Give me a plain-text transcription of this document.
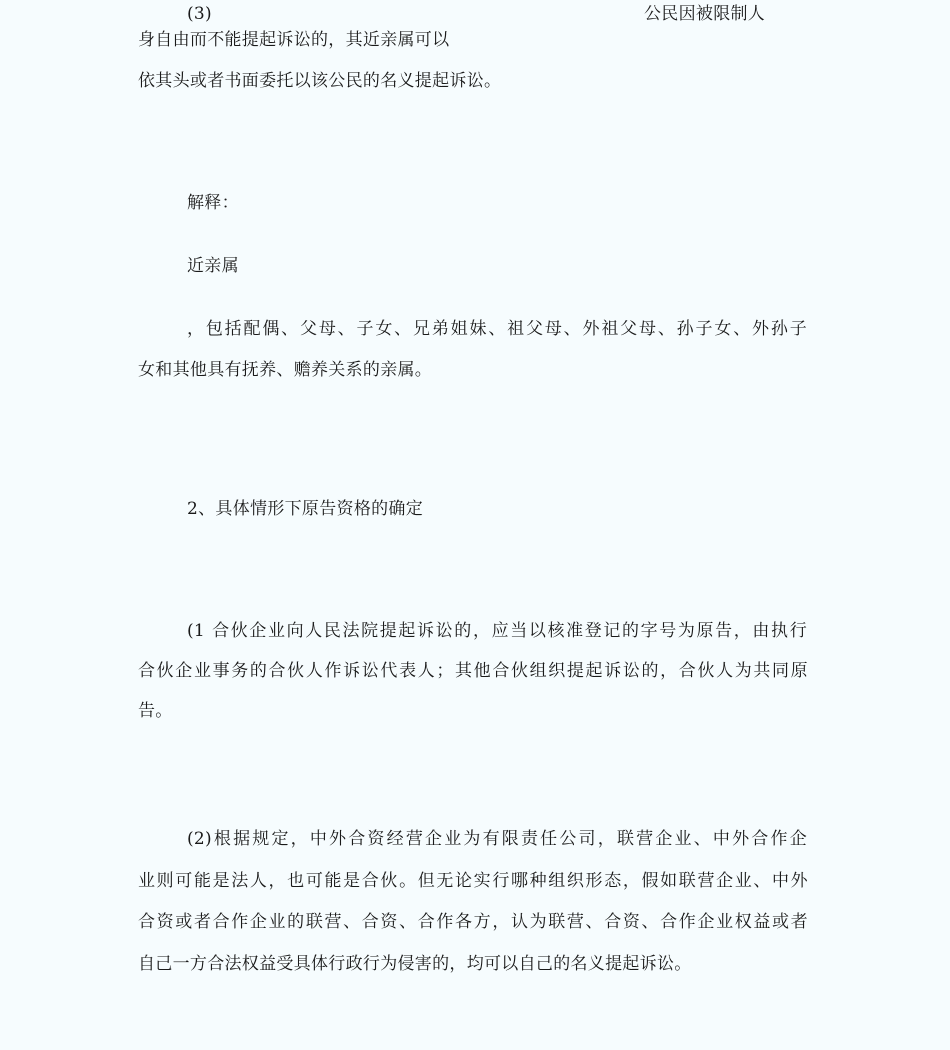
(3)	公民因被限制人
身自由而不能提起诉讼的，其近亲属可以
依其头或者书面委托以该公民的名义提起诉讼。
解释：
近亲属
，包括配偶、父母、子女、兄弟姐妹、祖父母、外祖父母、孙子女、外孙子
女和其他具有抚养、赡养关系的亲属。
2、具体情形下原告资格的确定
(1 合伙企业向人民法院提起诉讼的，应当以核准登记的字号为原告，由执行
合伙企业事务的合伙人作诉讼代表人；其他合伙组织提起诉讼的，合伙人为共同原
告。
(2)根据规定，中外合资经营企业为有限责任公司，联营企业、中外合作企
业则可能是法人，也可能是合伙。但无论实行哪种组织形态，假如联营企业、中外
合资或者合作企业的联营、合资、合作各方，认为联营、合资、合作企业权益或者
自己一方合法权益受具体行政行为侵害的，均可以自己的名义提起诉讼。
